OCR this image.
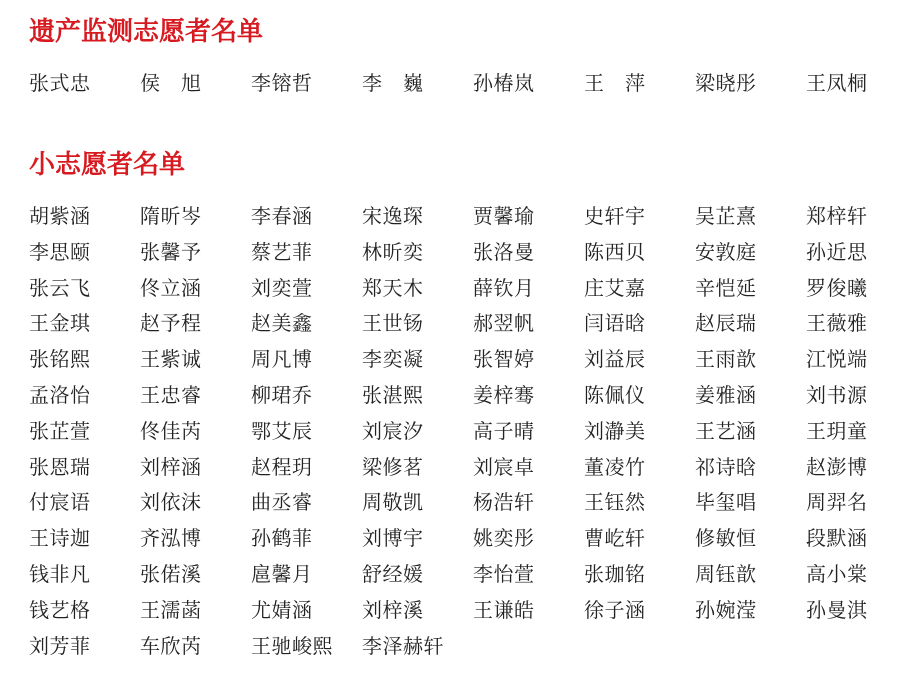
遗产监测志愿者名单
张式忠	侯　旭	李镕哲	李　巍	孙椿岚	王　萍	梁晓彤	王凤桐
小志愿者名单
胡紫涵	隋昕岑	李春涵	宋逸琛	贾馨瑜	史轩宇	吴芷熹	郑梓轩
李思颐	张馨予	蔡艺菲	林昕奕	张洛曼	陈西贝	安敦庭	孙近思
张云飞	佟立涵	刘奕萱	郑天木	薛钦月	庄艾嘉	辛恺延	罗俊曦
王金琪	赵予程	赵美鑫	王世钖	郝翌帆	闫语晗	赵辰瑞	王薇雅
张铭熙	王紫诚	周凡博	李奕凝	张智婷	刘益辰	王雨歆	江悦端
孟洛怡	王忠睿	柳珺乔	张湛熙	姜梓骞	陈佩仪	姜雅涵	刘书源
张芷萱	佟佳芮	鄂艾辰	刘宸汐	高子晴	刘瀞美	王艺涵	王玥童
张恩瑞	刘梓涵	赵程玥	梁修茗	刘宸卓	董凌竹	祁诗晗	赵澎博
付宸语	刘依沫	曲丞睿	周敬凯	杨浩轩	王钰然	毕玺唱	周羿名
王诗迦	齐泓博	孙鹤菲	刘博宇	姚奕彤	曹屹轩	修敏恒	段默涵
钱非凡	张偌溪	扈馨月	舒经媛	李怡萱	张珈铭	周钰歆	高小棠
钱艺格	王濡菡	尤婧涵	刘梓溪	王谦皓	徐子涵	孙婉滢	孙曼淇
刘芳菲	车欣芮	王驰峻熙	李泽赫轩
